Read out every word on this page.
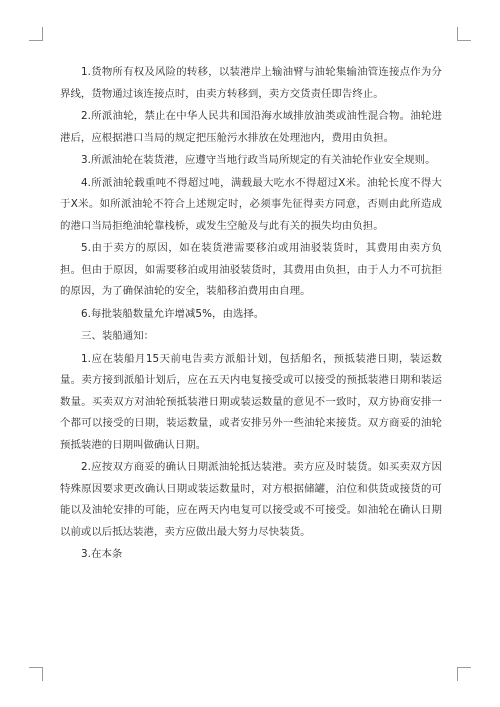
1.货物所有权及风险的转移，以装港岸上输油臂与油轮集输油管连接点作为分界线，货物通过该连接点时，由卖方转移到，卖方交货责任即告终止。

2.所派油轮，禁止在中华人民共和国沿海水域排放油类或油性混合物。油轮进港后，应根据港口当局的规定把压舱污水排放在处理池内，费用由负担。

3.所派油轮在装货港，应遵守当地行政当局所规定的有关油轮作业安全规则。

4.所派油轮载重吨不得超过吨，满载最大吃水不得超过X米。油轮长度不得大于X米。如所派油轮不符合上述规定时，必须事先征得卖方同意，否则由此所造成的港口当局拒绝油轮靠栈桥，或发生空舱及与此有关的损失均由负担。

5.由于卖方的原因，如在装货港需要移泊或用油驳装货时，其费用由卖方负担。但由于原因，如需要移泊或用油驳装货时，其费用由负担，由于人力不可抗拒的原因，为了确保油轮的安全，装船移泊费用由自理。

6.每批装船数量允许增减5%，由选择。

三、装船通知：

1.应在装船月15天前电告卖方派船计划，包括船名，预抵装港日期，装运数量。卖方接到派船计划后，应在五天内电复接受或可以接受的预抵装港日期和装运数量。买卖双方对油轮预抵装港日期或装运数量的意见不一致时，双方协商安排一个都可以接受的日期，装运数量，或者安排另外一些油轮来接货。双方商妥的油轮预抵装港的日期叫做确认日期。

2.应按双方商妥的确认日期派油轮抵达装港。卖方应及时装货。如买卖双方因特殊原因要求更改确认日期或装运数量时，对方根据储罐，泊位和供货或接货的可能以及油轮安排的可能，应在两天内电复可以接受或不可接受。如油轮在确认日期以前或以后抵达装港，卖方应做出最大努力尽快装货。

3.在本条
